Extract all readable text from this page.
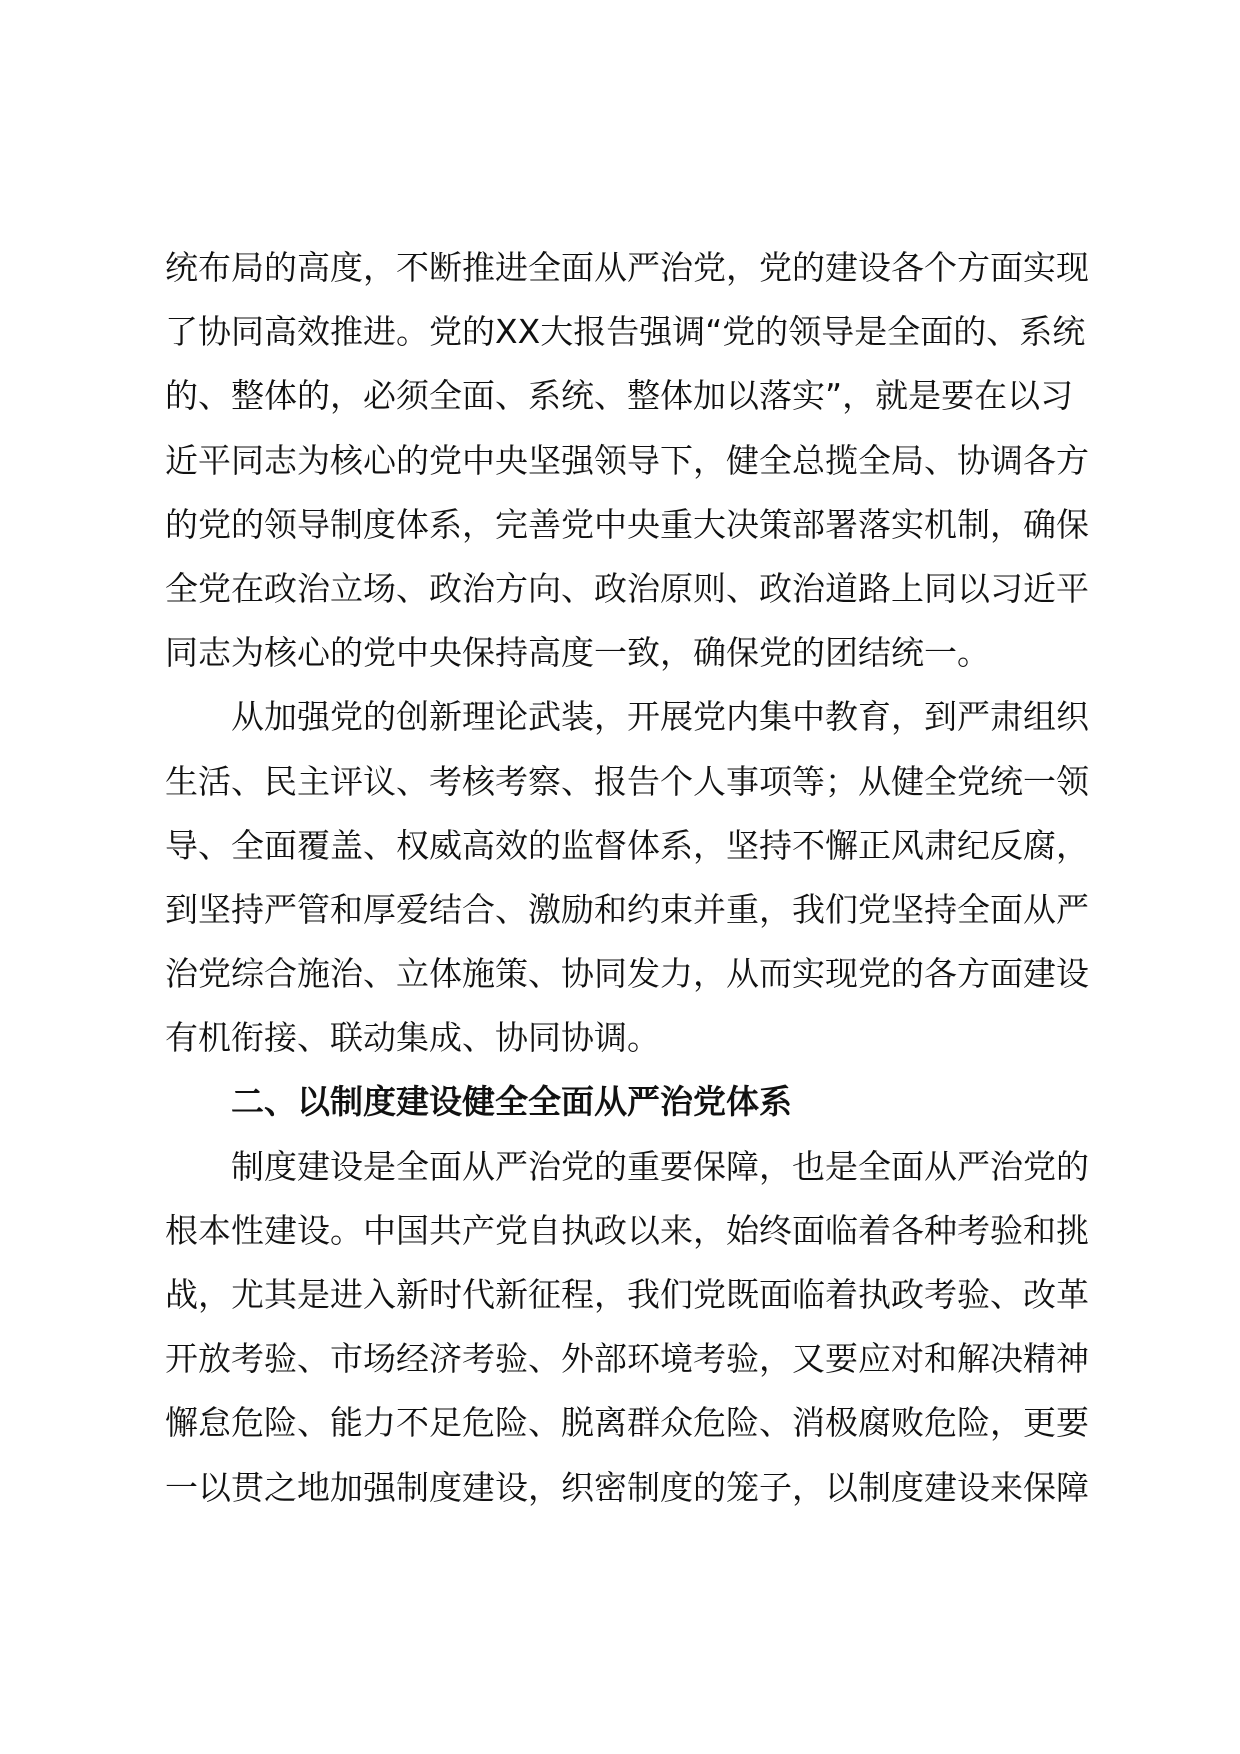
统布局的高度，不断推进全面从严治党，党的建设各个方面实现
了协同高效推进。党的XX大报告强调“党的领导是全面的、系统
的、整体的，必须全面、系统、整体加以落实”，就是要在以习
近平同志为核心的党中央坚强领导下，健全总揽全局、协调各方
的党的领导制度体系，完善党中央重大决策部署落实机制，确保
全党在政治立场、政治方向、政治原则、政治道路上同以习近平
同志为核心的党中央保持高度一致，确保党的团结统一。
从加强党的创新理论武装，开展党内集中教育，到严肃组织
生活、民主评议、考核考察、报告个人事项等；从健全党统一领
导、全面覆盖、权威高效的监督体系，坚持不懈正风肃纪反腐，
到坚持严管和厚爱结合、激励和约束并重，我们党坚持全面从严
治党综合施治、立体施策、协同发力，从而实现党的各方面建设
有机衔接、联动集成、协同协调。
二、以制度建设健全全面从严治党体系
制度建设是全面从严治党的重要保障，也是全面从严治党的
根本性建设。中国共产党自执政以来，始终面临着各种考验和挑
战，尤其是进入新时代新征程，我们党既面临着执政考验、改革
开放考验、市场经济考验、外部环境考验，又要应对和解决精神
懈怠危险、能力不足危险、脱离群众危险、消极腐败危险，更要
一以贯之地加强制度建设，织密制度的笼子，以制度建设来保障
